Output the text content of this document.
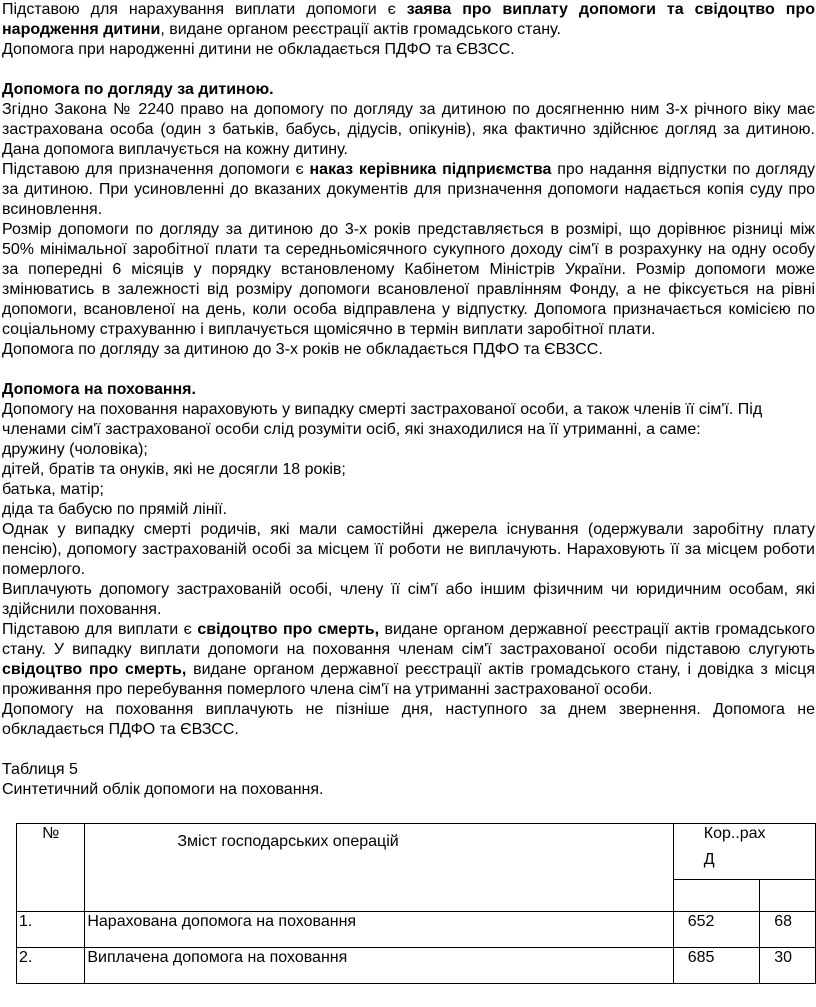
Підставою для нарахування виплати допомоги є заява про виплату допомоги та свідоцтво про народження дитини, видане органом реєстрації актів громадського стану.

Допомога при народженні дитини не обкладається ПДФО та ЄВЗСС.

Допомога по догляду за дитиною.

Згідно Закона № 2240 право на допомогу по догляду за дитиною по досягненню ним 3-х річного віку має застрахована особа (один з батьків, бабусь, дідусів, опікунів), яка фактично здійснює догляд за дитиною. Дана допомога виплачується на кожну дитину.

Підставою для призначення допомоги є наказ керівника підприємства про надання відпустки по догляду за дитиною. При усиновленні до вказаних документів для призначення допомоги надається копія суду про всиновлення.

Розмір допомоги по догляду за дитиною до 3-х років представляється в розмірі, що дорівнює різниці між 50% мінімальної заробітної плати та середньомісячного сукупного доходу сім'ї в розрахунку на одну особу за попередні 6 місяців у порядку встановленому Кабінетом Міністрів України. Розмір допомоги може змінюватись в залежності від розміру допомоги всановленої правлінням Фонду, а не фіксується на рівні допомоги, всановленої на день, коли особа відправлена у відпустку. Допомога призначається комісією по соціальному страхуванню і виплачується щомісячно в термін виплати заробітної плати.

Допомога по догляду за дитиною до 3-х років не обкладається ПДФО та ЄВЗСС.

Допомога на поховання.

Допомогу на поховання нараховують у випадку смерті застрахованої особи, а також членів її сім'ї. Під членами сім'ї застрахованої особи слід розуміти осіб, які знаходилися на її утриманні, а саме:

дружину (чоловіка);

дітей, братів та онуків, які не досягли 18 років;

батька, матір;

діда та бабусю по прямій лінії.

Однак у випадку смерті родичів, які мали самостійні джерела існування (одержували заробітну плату пенсію), допомогу застрахованій особі за місцем її роботи не виплачують. Нараховують її за місцем роботи померлого.

Виплачують допомогу застрахованій особі, члену її сім'ї або іншим фізичним чи юридичним особам, які здійснили поховання.

Підставою для виплати є свідоцтво про смерть, видане органом державної реєстрації актів громадського стану. У випадку виплати допомоги на поховання членам сім'ї застрахованої особи підставою слугують свідоцтво про смерть, видане органом державної реєстрації актів громадського стану, і довідка з місця проживання про перебування померлого члена сім'ї на утриманні застрахованої особи.

Допомогу на поховання виплачують не пізніше дня, наступного за днем звернення. Допомога не обкладається ПДФО та ЄВЗСС.

Таблиця 5

Синтетичний облік допомоги на поховання.

№	Зміст господарських операцій	Кор..рах
Д	

1.	Нарахована допомога на поховання	652	68
2.	Виплачена допомога на поховання	685	30
